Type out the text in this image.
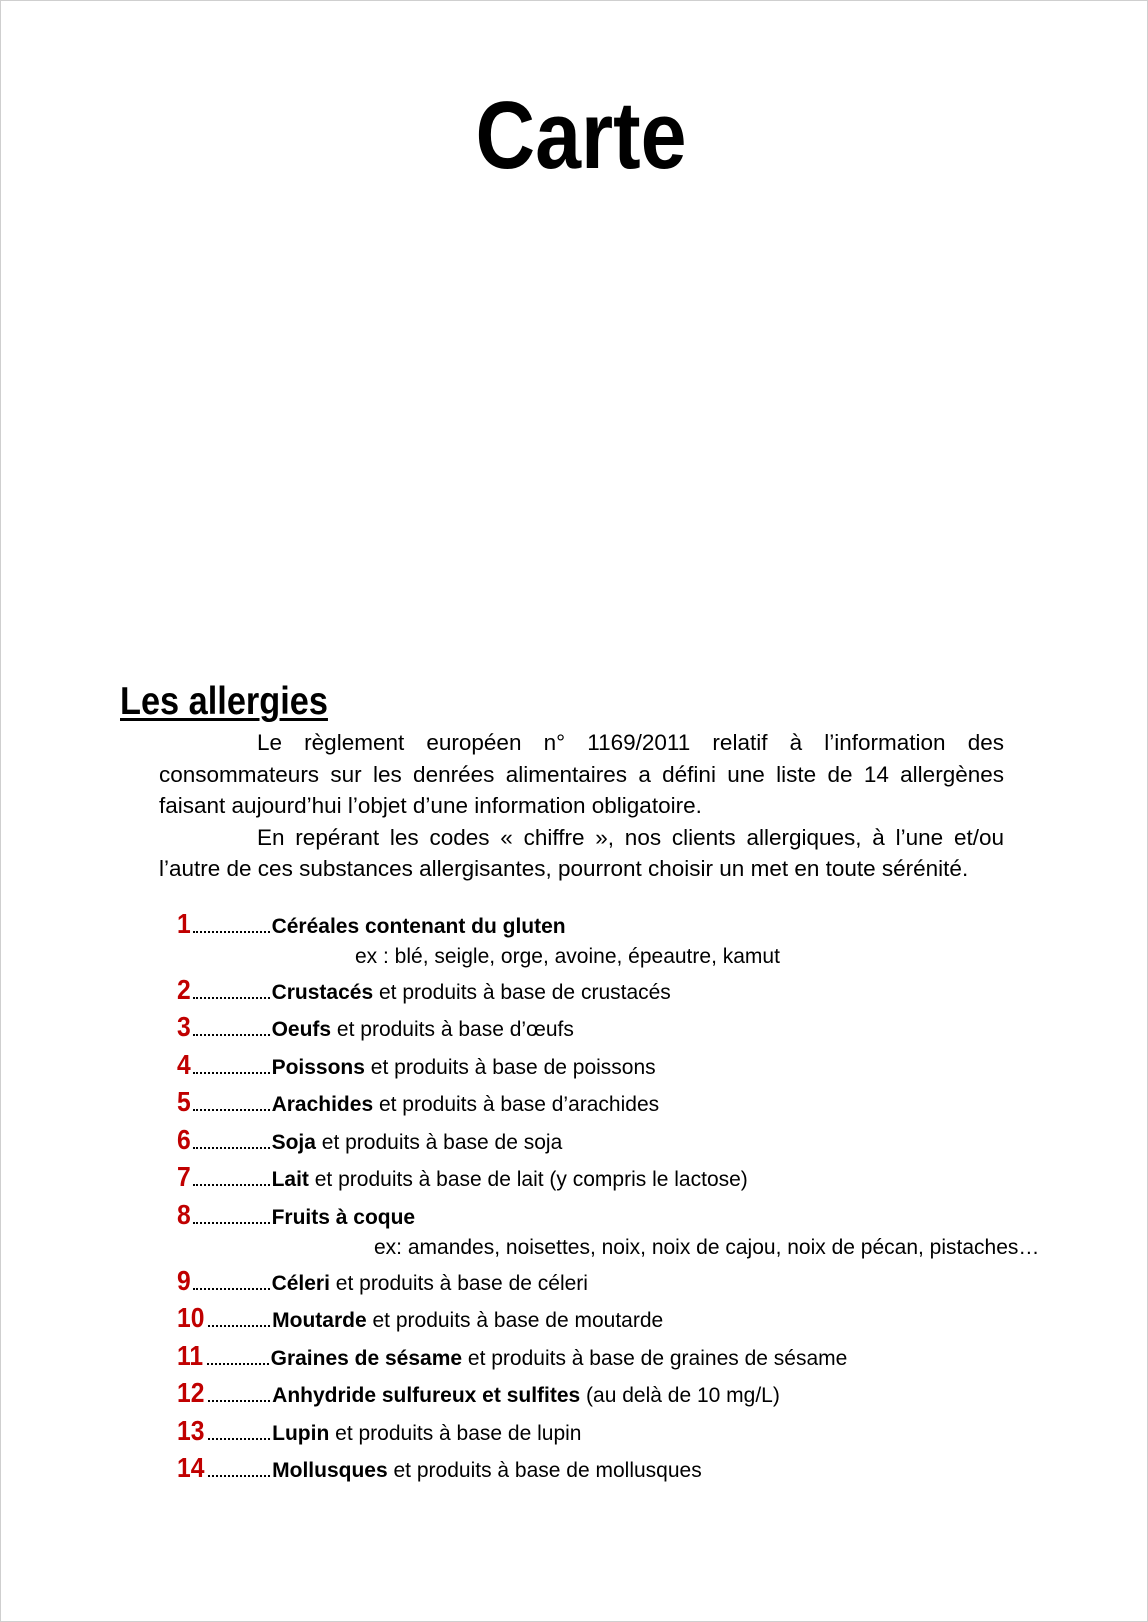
Carte
Les allergies

Le règlement européen n° 1169/2011 relatif à l’information des consommateurs sur les denrées alimentaires a défini une liste de 14 allergènes faisant aujourd’hui l’objet d’une information obligatoire.

En repérant les codes « chiffre », nos clients allergiques, à l’une et/ou l’autre de ces substances allergisantes, pourront choisir un met en toute sérénité.

1	Céréales contenant du gluten
ex : blé, seigle, orge, avoine, épeautre, kamut
2	Crustacés et produits à base de crustacés
3	Oeufs et produits à base d’œufs
4	Poissons et produits à base de poissons
5	Arachides et produits à base d’arachides
6	Soja et produits à base de soja
7	Lait et produits à base de lait (y compris le lactose)
8	Fruits à coque
ex: amandes, noisettes, noix, noix de cajou, noix de pécan, pistaches…
9	Céleri et produits à base de céleri
10	Moutarde et produits à base de moutarde
11	Graines de sésame et produits à base de graines de sésame
12	Anhydride sulfureux et sulfites (au delà de 10 mg/L)
13	Lupin et produits à base de lupin
14	Mollusques et produits à base de mollusques
